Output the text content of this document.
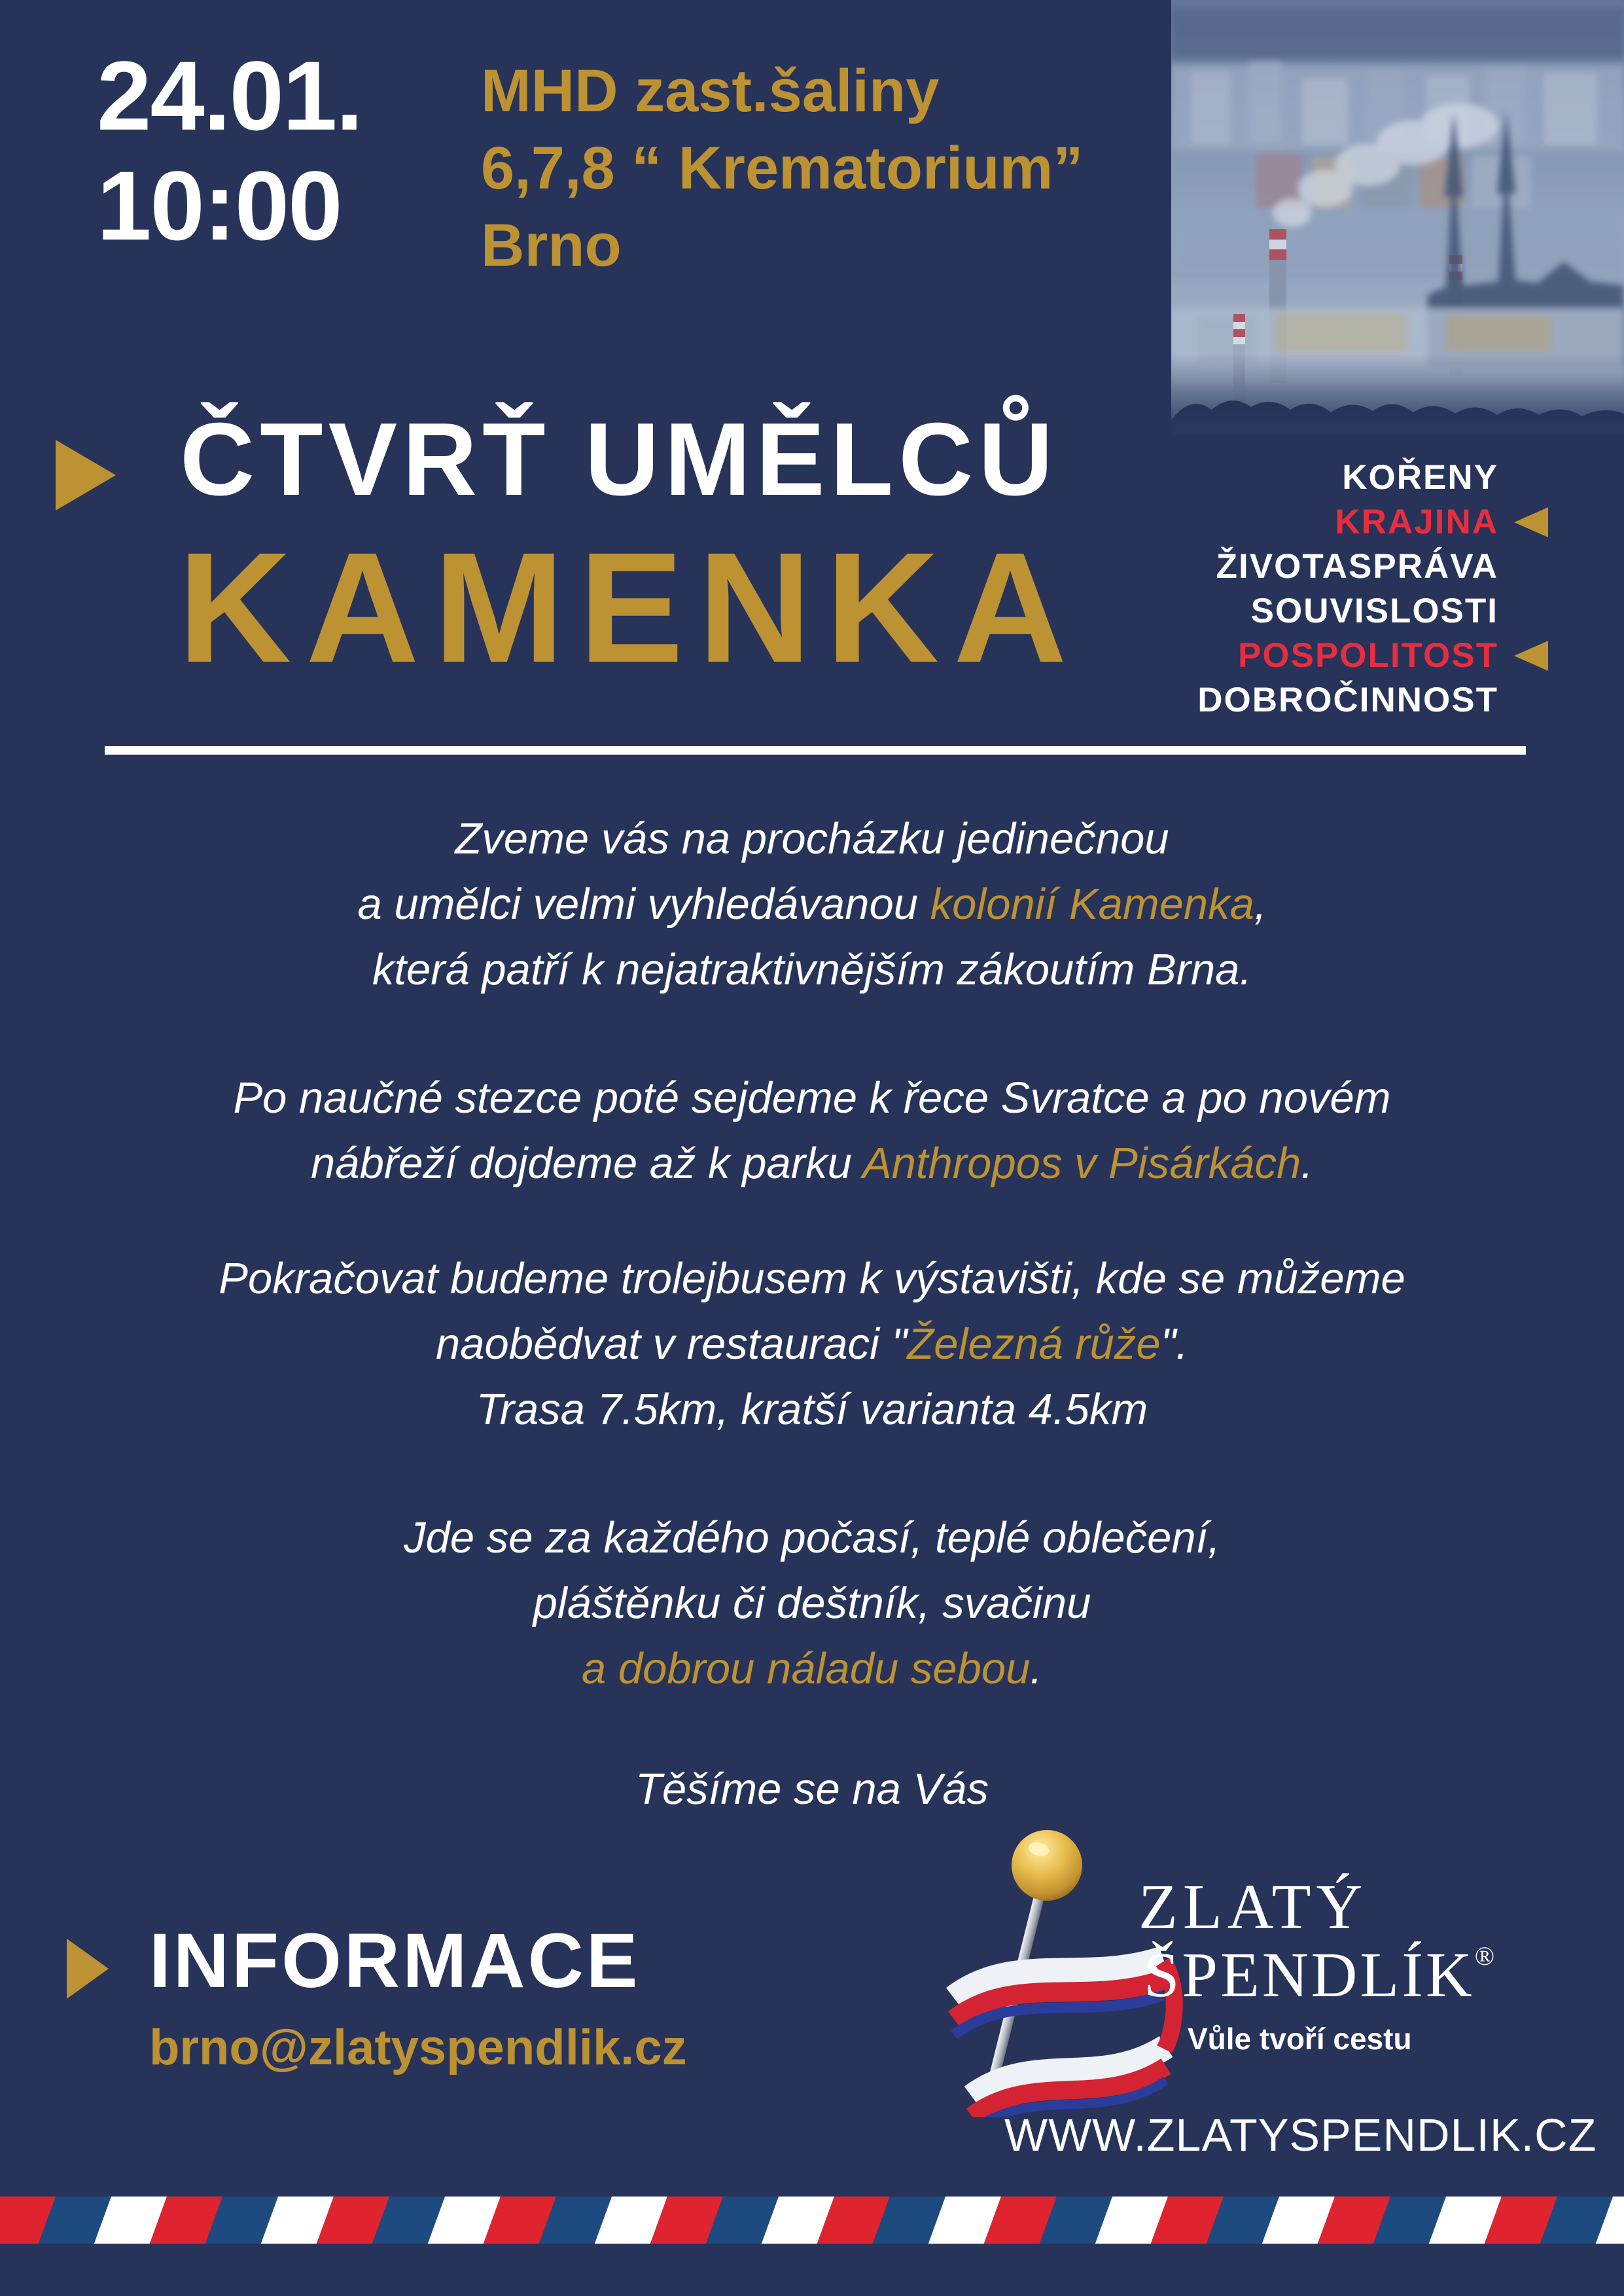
24.01.
10:00
MHD zast.šaliny
6,7,8 “ Krematorium”
Brno
ČTVRŤ UMĚLCŮ
KAMENKA
KOŘENY
KRAJINA
ŽIVOTASPRÁVA
SOUVISLOSTI
POSPOLITOST
DOBROČINNOST
Zveme vás na procházku jedinečnou
a umělci velmi vyhledávanou kolonií Kamenka,
která patří k nejatraktivnějším zákoutím Brna.
Po naučné stezce poté sejdeme k řece Svratce a po novém
nábřeží dojdeme až k parku Anthropos v Pisárkách.
Pokračovat budeme trolejbusem k výstavišti, kde se můžeme
naobědvat v restauraci "Železná růže".
Trasa 7.5km, kratší varianta 4.5km
Jde se za každého počasí, teplé oblečení,
pláštěnku či deštník, svačinu
a dobrou náladu sebou.
Těšíme se na Vás
INFORMACE
brno@zlatyspendlik.cz
ZLATÝ
ŠPENDLÍK®
Vůle tvoří cestu
WWW.ZLATYSPENDLIK.CZ
